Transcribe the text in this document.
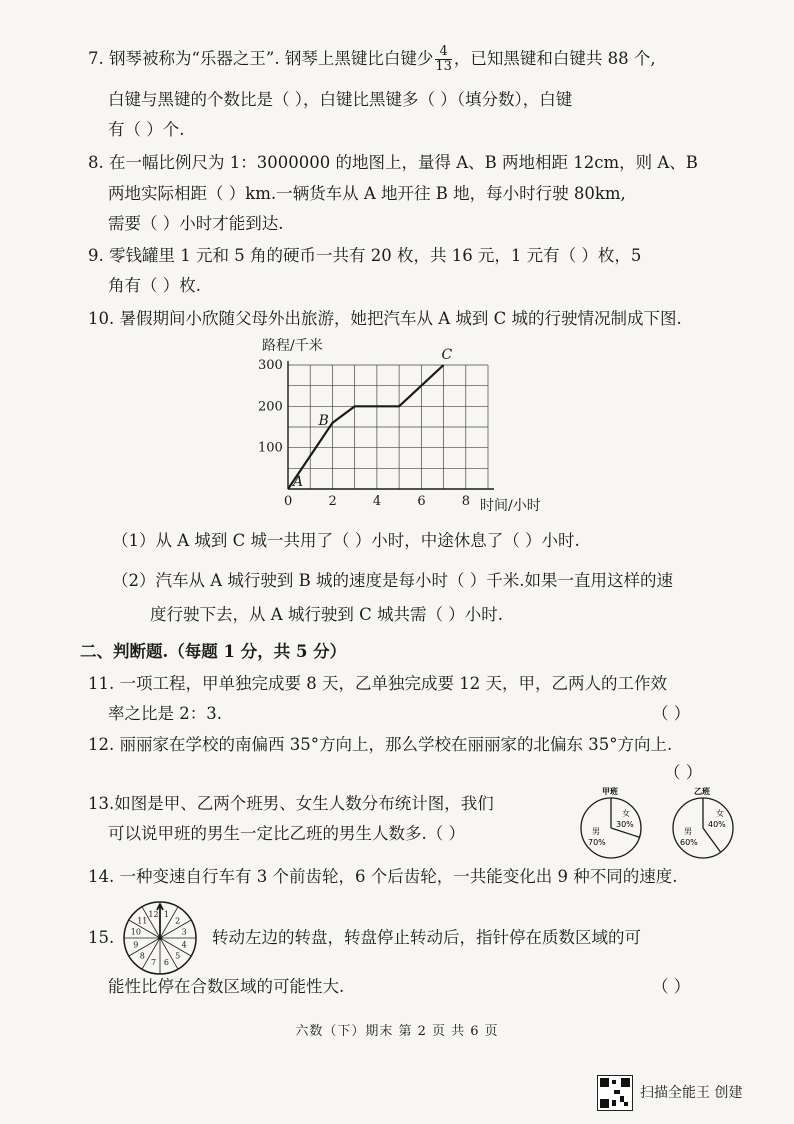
7. 钢琴被称为“乐器之王”. 钢琴上黑键比白键少 $\frac{4}{13}$ ，已知黑键和白键共 88 个,
白键与黑键的个数比是（ ），白键比黑键多（ ）（填分数），白键
有（ ）个.
8. 在一幅比例尺为 1：3000000 的地图上，量得 A、B 两地相距 12cm，则 A、B
两地实际相距（ ）km.一辆货车从 A 地开往 B 地，每小时行驶 80km,
需要（ ）小时才能到达.
9. 零钱罐里 1 元和 5 角的硬币一共有 20 枚，共 16 元，1 元有（ ）枚，5
角有（ ）枚.
10. 暑假期间小欣随父母外出旅游，她把汽车从 A 城到 C 城的行驶情况制成下图.
路程/千米
时间/小时
0	2	4	6	8
100
200
300
A
B
C
（1）从 A 城到 C 城一共用了（ ）小时，中途休息了（ ）小时.
（2）汽车从 A 城行驶到 B 城的速度是每小时（ ）千米.如果一直用这样的速
度行驶下去，从 A 城行驶到 C 城共需（ ）小时.
二、判断题.（每题 1 分，共 5 分）
11. 一项工程，甲单独完成要 8 天，乙单独完成要 12 天，甲，乙两人的工作效
率之比是 2：3.	（ ）
12. 丽丽家在学校的南偏西 35°方向上，那么学校在丽丽家的北偏东 35°方向上.
（ ）
13.如图是甲、乙两个班男、女生人数分布统计图，我们
可以说甲班的男生一定比乙班的男生人数多.（ ）
甲班
女
30%
男
70%
乙班
女
40%
男
60%
14. 一种变速自行车有 3 个前齿轮，6 个后齿轮，一共能变化出 9 种不同的速度.
15.
1
2
3
4
5
6
7
8
9
10
11
12
转动左边的转盘，转盘停止转动后，指针停在质数区域的可
能性比停在合数区域的可能性大.	（ ）
六数（下）期末 第 2 页 共 6 页
扫描全能王 创建
